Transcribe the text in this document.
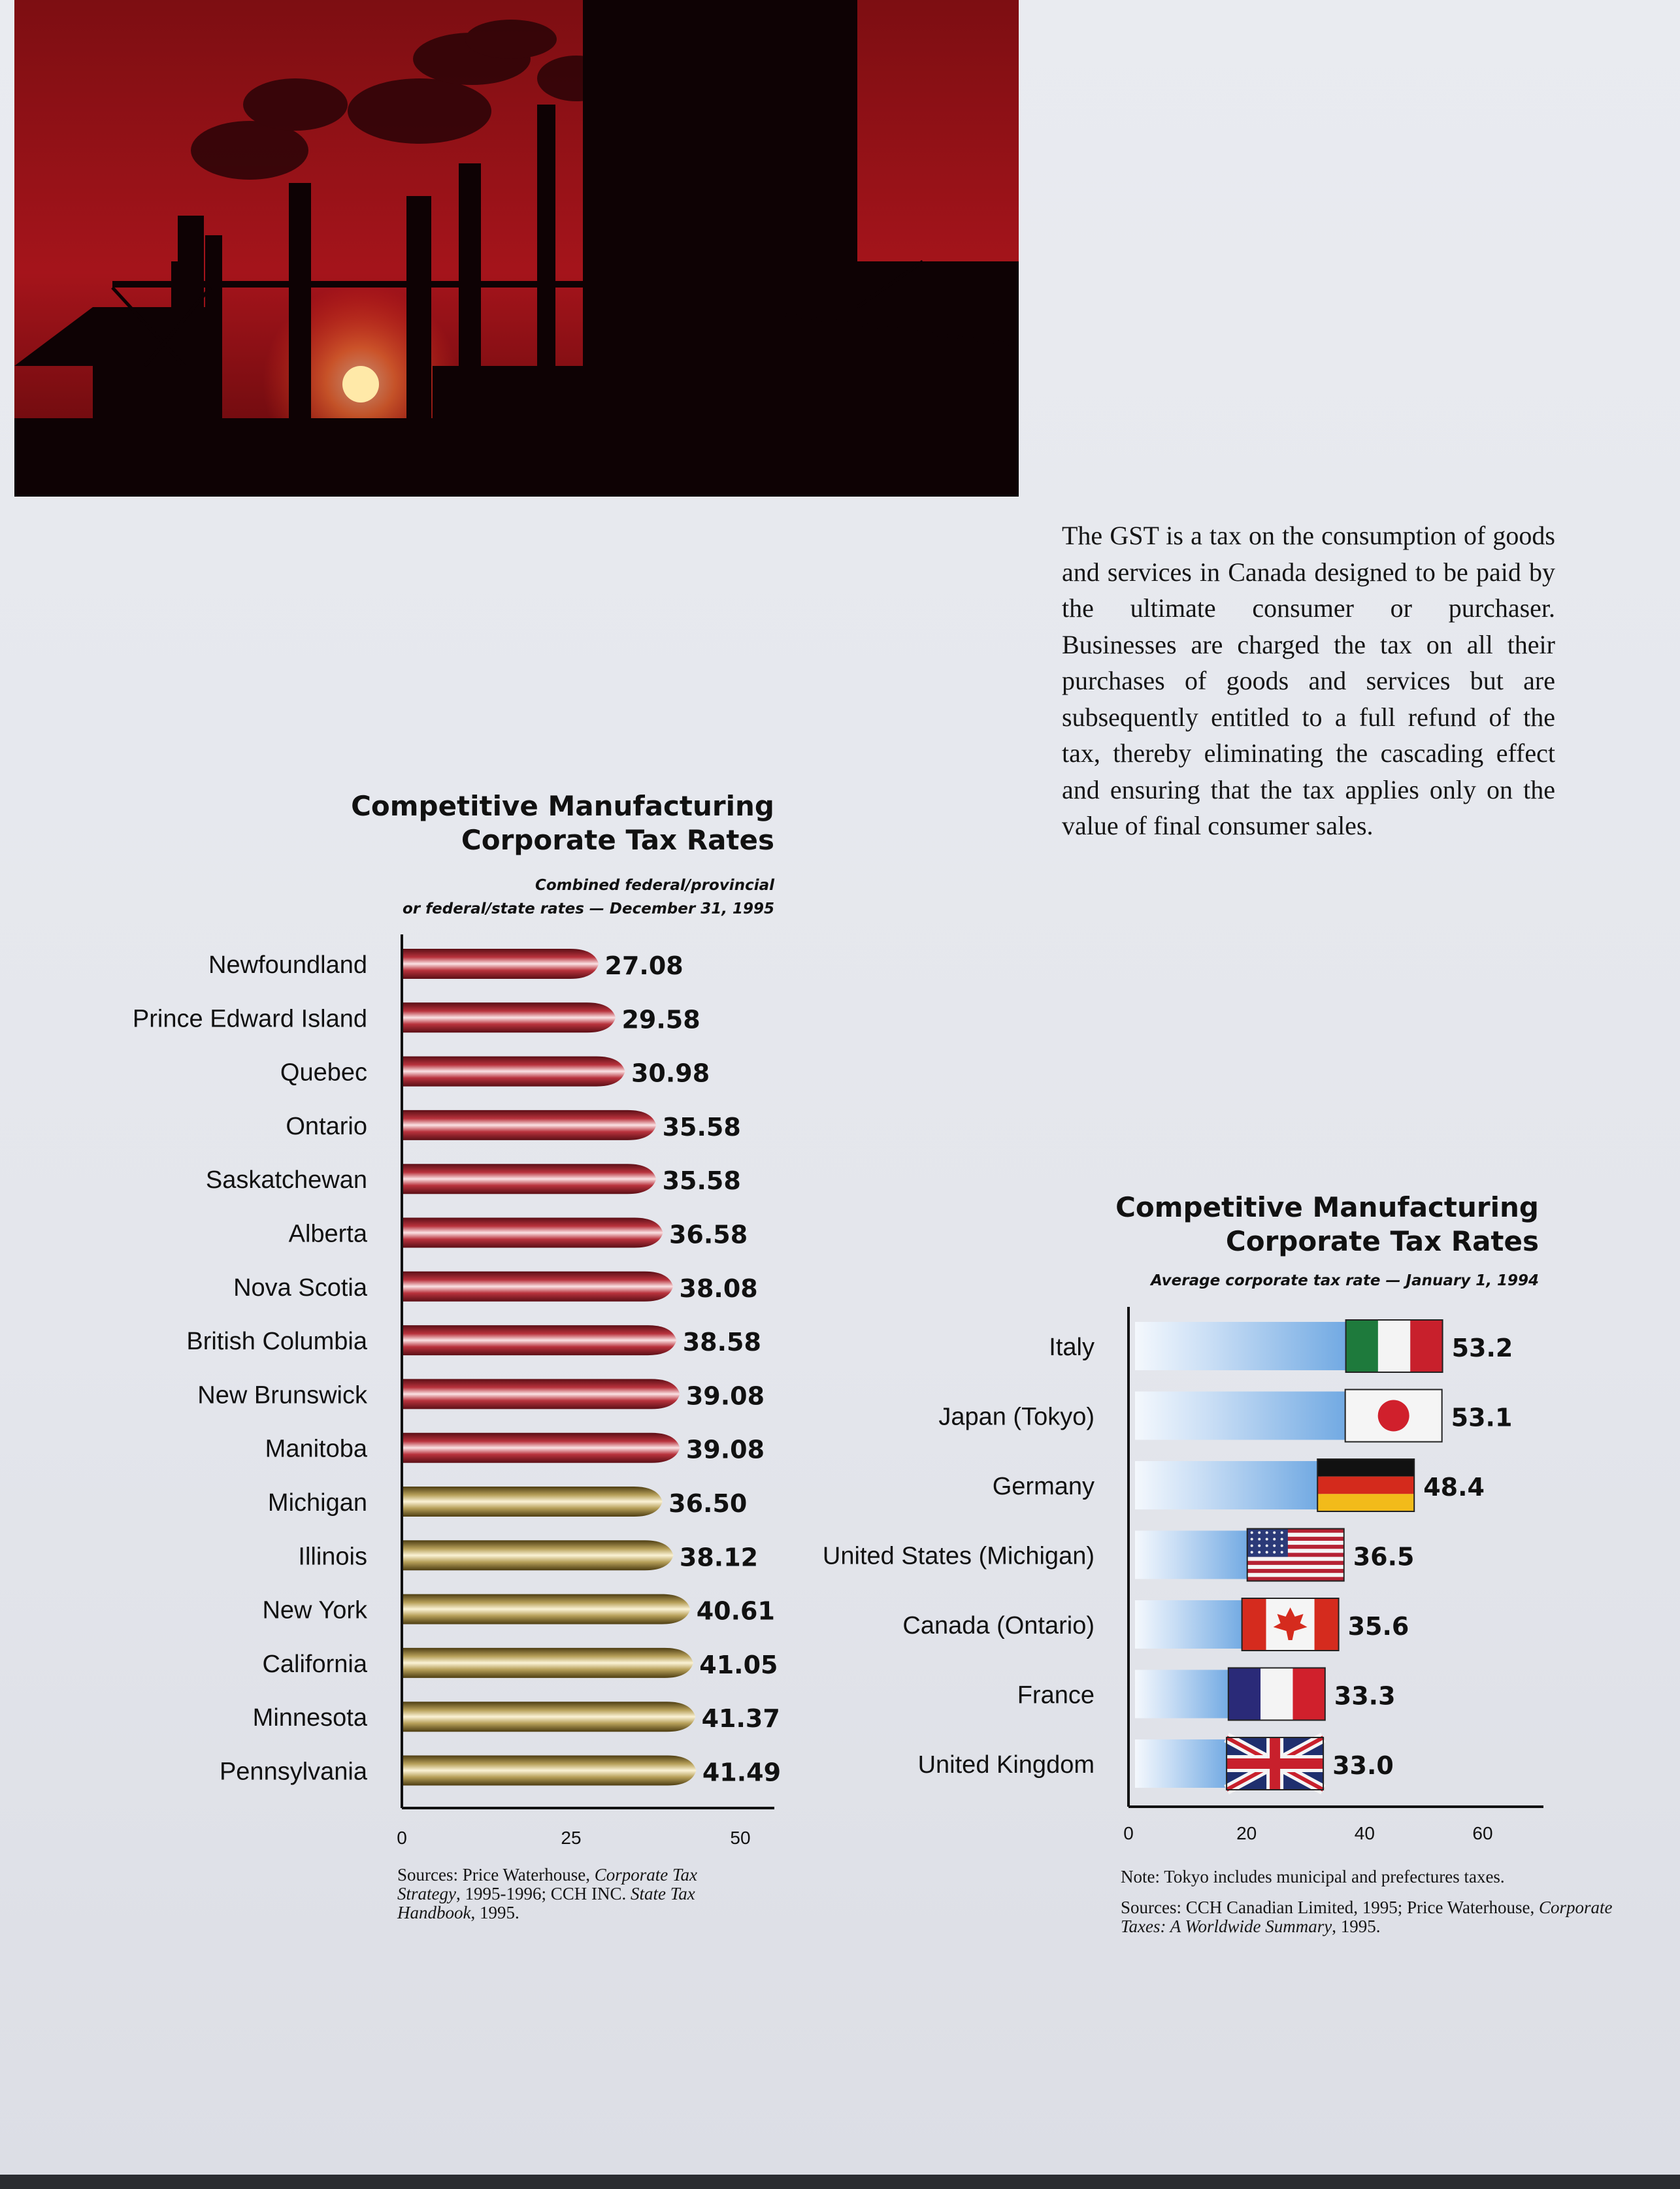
The GST is a tax on the consumption of goods and services in Canada designed to be paid by the ultimate consumer or purchaser. Businesses are charged the tax on all their purchases of goods and services but are subsequently entitled to a full refund of the tax, thereby eliminating the cascading effect and ensuring that the tax applies only on the value of final consumer sales.
Competitive Manufacturing
Corporate Tax Rates
Combined federal/provincial
or federal/state rates — December 31, 1995
Newfoundland	27.08
Prince Edward Island	29.58
Quebec	30.98
Ontario	35.58
Saskatchewan	35.58
Alberta	36.58
Nova Scotia	38.08
British Columbia	38.58
New Brunswick	39.08
Manitoba	39.08
Michigan	36.50
Illinois	38.12
New York	40.61
California	41.05
Minnesota	41.37
Pennsylvania	41.49
0	25	50
Sources: Price Waterhouse, Corporate Tax Strategy, 1995-1996; CCH INC. State Tax Handbook, 1995.
Competitive Manufacturing
Corporate Tax Rates
Average corporate tax rate — January 1, 1994
Italy	53.2
Japan (Tokyo)	53.1
Germany	48.4
United States (Michigan)	36.5
Canada (Ontario)	35.6
France	33.3
United Kingdom	33.0
0	20	40	60
Note: Tokyo includes municipal and prefectures taxes.
Sources: CCH Canadian Limited, 1995; Price Waterhouse, Corporate Taxes: A Worldwide Summary, 1995.
